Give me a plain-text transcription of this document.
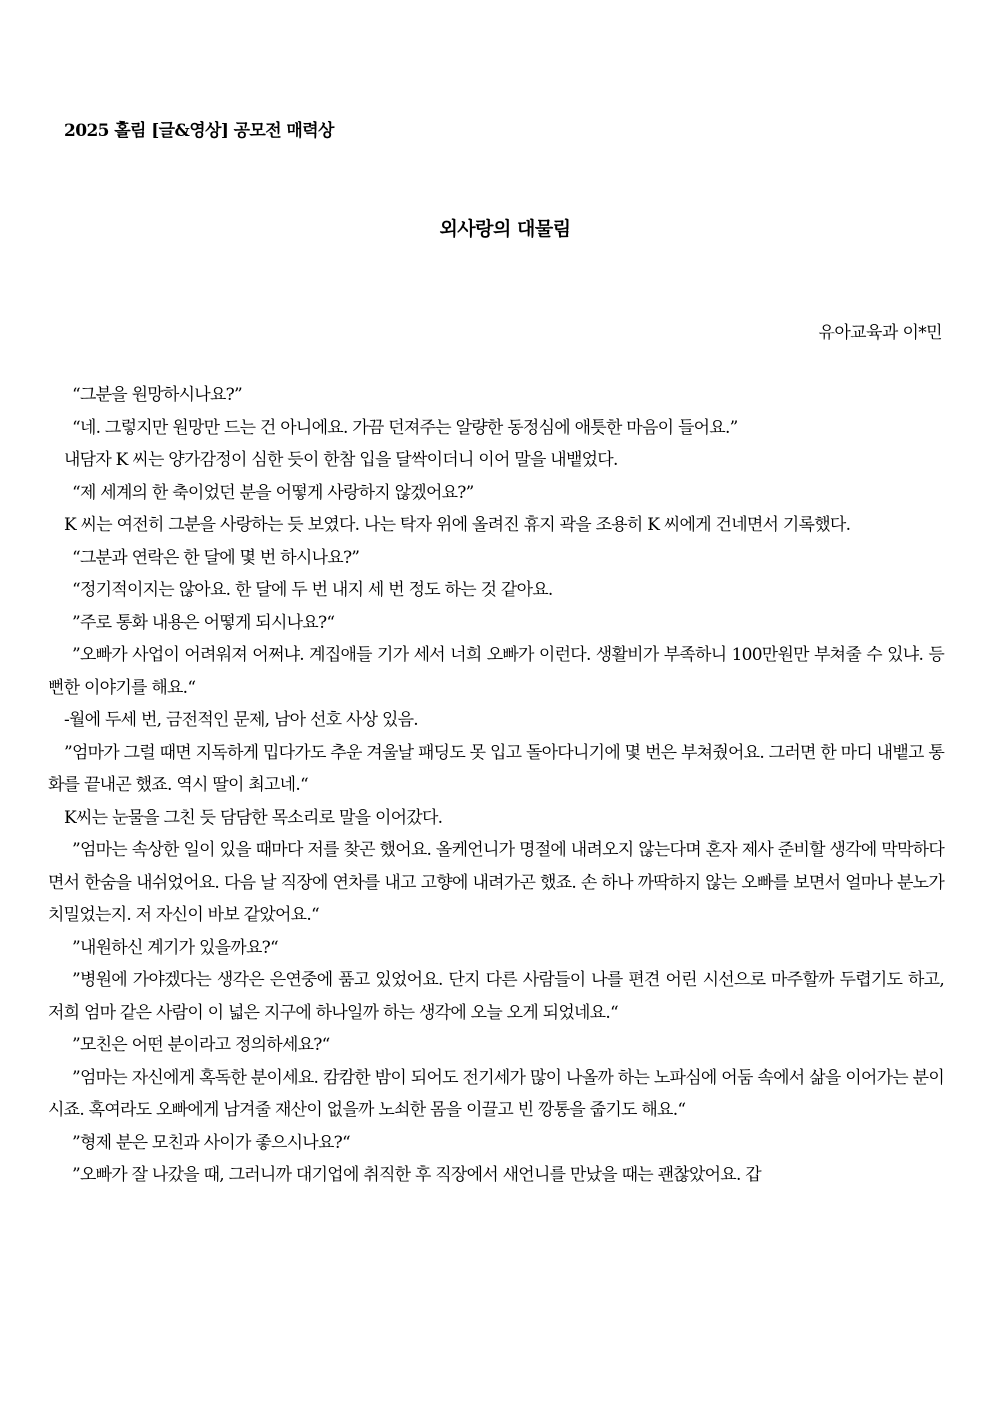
2025 홀림 [글&영상] 공모전 매력상
외사랑의 대물림
유아교육과 이*민

“그분을 원망하시나요?”

“네. 그렇지만 원망만 드는 건 아니에요. 가끔 던져주는 알량한 동정심에 애틋한 마음이 들어요.”

내담자 K 씨는 양가감정이 심한 듯이 한참 입을 달싹이더니 이어 말을 내뱉었다.

“제 세계의 한 축이었던 분을 어떻게 사랑하지 않겠어요?”

K 씨는 여전히 그분을 사랑하는 듯 보였다. 나는 탁자 위에 올려진 휴지 곽을 조용히 K 씨에게 건네면서 기록했다.

“그분과 연락은 한 달에 몇 번 하시나요?”

“정기적이지는 않아요. 한 달에 두 번 내지 세 번 정도 하는 것 같아요.

”주로 통화 내용은 어떻게 되시나요?“

”오빠가 사업이 어려워져 어쩌냐. 계집애들 기가 세서 너희 오빠가 이런다. 생활비가 부족하니 100만원만 부쳐줄 수 있냐. 등 뻔한 이야기를 해요.“

-월에 두세 번, 금전적인 문제, 남아 선호 사상 있음.

”엄마가 그럴 때면 지독하게 밉다가도 추운 겨울날 패딩도 못 입고 돌아다니기에 몇 번은 부쳐줬어요. 그러면 한 마디 내뱉고 통화를 끝내곤 했죠. 역시 딸이 최고네.“

K씨는 눈물을 그친 듯 담담한 목소리로 말을 이어갔다.

”엄마는 속상한 일이 있을 때마다 저를 찾곤 했어요. 올케언니가 명절에 내려오지 않는다며 혼자 제사 준비할 생각에 막막하다면서 한숨을 내쉬었어요. 다음 날 직장에 연차를 내고 고향에 내려가곤 했죠. 손 하나 까딱하지 않는 오빠를 보면서 얼마나 분노가 치밀었는지. 저 자신이 바보 같았어요.“

”내원하신 계기가 있을까요?“

”병원에 가야겠다는 생각은 은연중에 품고 있었어요. 단지 다른 사람들이 나를 편견 어린 시선으로 마주할까 두렵기도 하고, 저희 엄마 같은 사람이 이 넓은 지구에 하나일까 하는 생각에 오늘 오게 되었네요.“

”모친은 어떤 분이라고 정의하세요?“

”엄마는 자신에게 혹독한 분이세요. 캄캄한 밤이 되어도 전기세가 많이 나올까 하는 노파심에 어둠 속에서 삶을 이어가는 분이시죠. 혹여라도 오빠에게 남겨줄 재산이 없을까 노쇠한 몸을 이끌고 빈 깡통을 줍기도 해요.“

”형제 분은 모친과 사이가 좋으시나요?“

”오빠가 잘 나갔을 때, 그러니까 대기업에 취직한 후 직장에서 새언니를 만났을 때는 괜찮았어요. 갑
